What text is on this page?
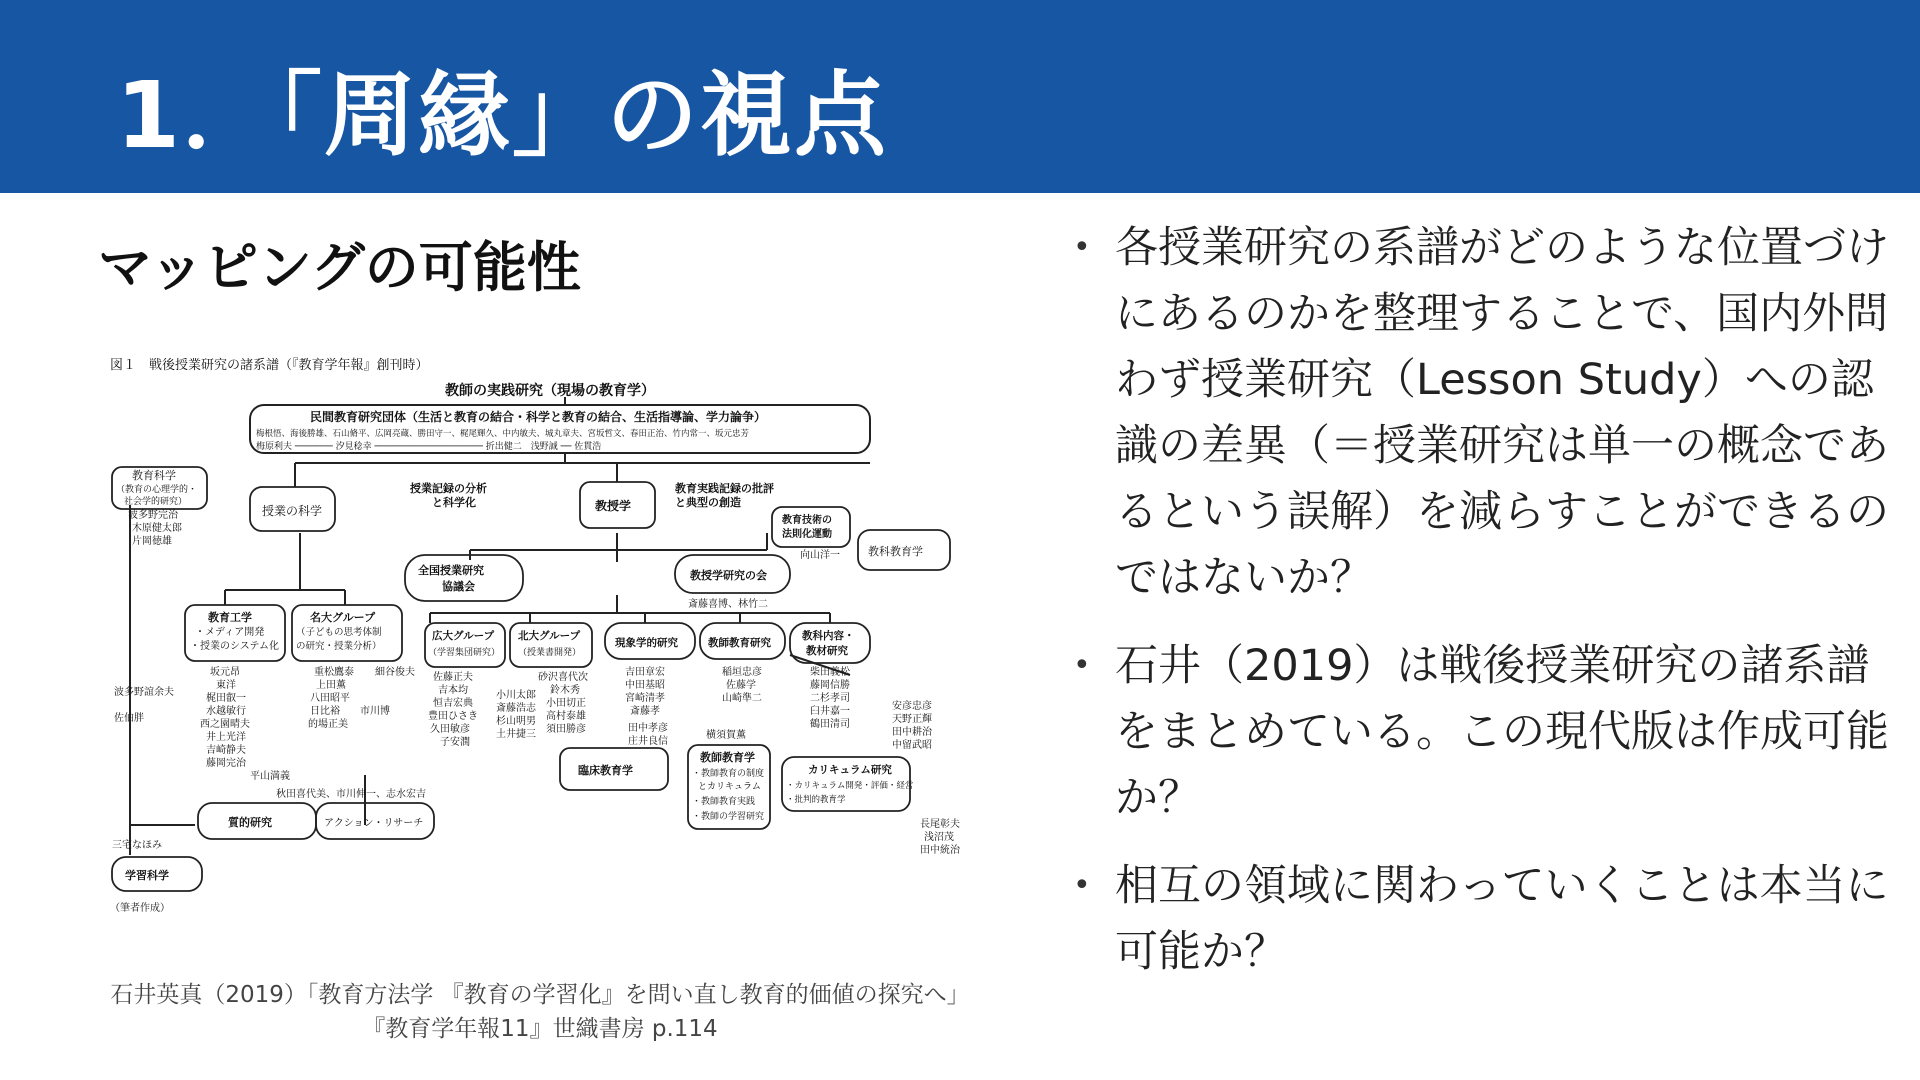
1．「周縁」の視点
マッピングの可能性
図１　戦後授業研究の諸系譜（『教育学年報』創刊時）
教師の実践研究（現場の教育学）
民間教育研究団体（生活と教育の結合・科学と教育の結合、生活指導論、学力論争）
梅根悟、海後勝雄、石山脩平、広岡亮蔵、勝田守一、梶尾輝久、中内敏夫、城丸章夫、宮坂哲文、春田正治、竹内常一、坂元忠芳
梅原利夫 ─────── 汐見稔幸 ──────────────────── 折出健二　浅野誠 ── 佐貫浩
教育科学
（教育の心理学的・
社会学的研究）
波多野完治
木原健太郎
片岡徳雄
授業の科学
授業記録の分析
と科学化	教授学
教育実践記録の批評
と典型の創造
教育技術の
法則化運動
向山洋一	教科教育学
全国授業研究
協議会
教授学研究の会
斎藤喜博、林竹二
教育工学
・メディア開発
・授業のシステム化
坂元昂
東洋
梶田叡一
水越敏行
西之園晴夫
井上光洋
吉崎静夫
藤岡完治
名大グループ
（子どもの思考体制
の研究・授業分析）
重松鷹泰
上田薫
八田昭平
日比裕
的場正美
細谷俊夫
市川博
広大グループ
（学習集団研究）
佐藤正夫
吉本均
恒吉宏典
豊田ひさき
久田敏彦
子安潤
北大グループ
（授業書開発）
砂沢喜代次
鈴木秀
小田切正
高村泰雄
須田勝彦
小川太郎
斎藤浩志
杉山明男
土井捷三
現象学的研究
吉田章宏
中田基昭
宮崎清孝
斎藤孝
教師教育研究
稲垣忠彦
佐藤学
山崎準二
教科内容・
教材研究
柴田義松
藤岡信勝
二杉孝司
臼井嘉一
鶴田清司
安彦忠彦
天野正輝
田中耕治
中留武昭
波多野誼余夫
佐伯胖
田中孝彦
庄井良信
臨床教育学
横須賀薫
教師教育学
・教師教育の制度
とカリキュラム
・教師教育実践
・教師の学習研究
カリキュラム研究
・カリキュラム開発・評価・経営
・批判的教育学
長尾彰夫
浅沼茂
田中統治
平山満義
秋田喜代美、市川伸一、志水宏吉
質的研究	アクション・リサーチ
三宅なほみ
学習科学
（筆者作成）
石井英真（2019）「教育方法学 『教育の学習化』を問い直し教育的価値の探究へ」
『教育学年報11』世織書房 p.114
• 各授業研究の系譜がどのような位置づけにあるのかを整理することで、国内外問わず授業研究（Lesson Study）への認識の差異（＝授業研究は単一の概念であるという誤解）を減らすことができるのではないか？
• 石井（2019）は戦後授業研究の諸系譜をまとめている。この現代版は作成可能か？
• 相互の領域に関わっていくことは本当に可能か？
